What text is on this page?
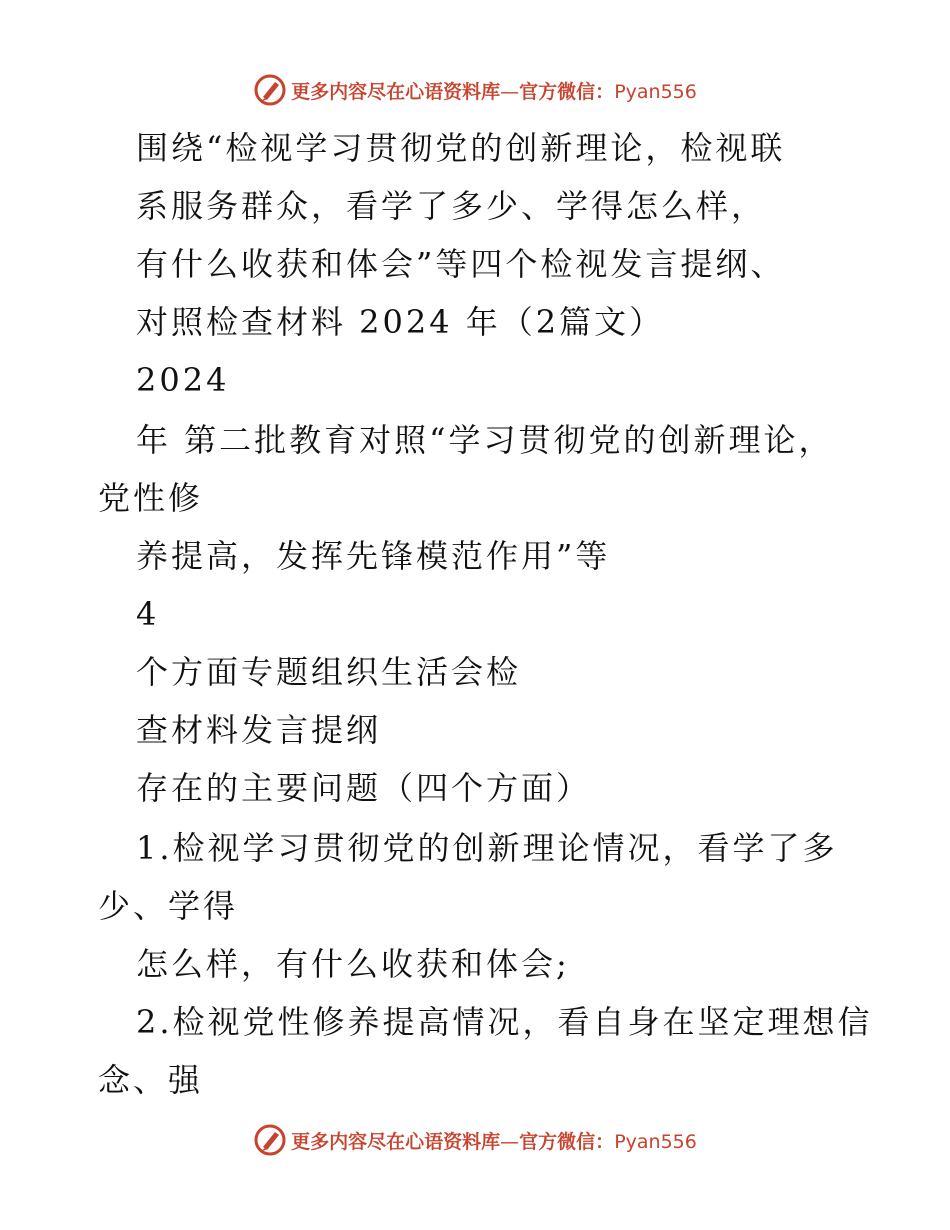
更多内容尽在心语资料库—官方微信：Pyan556
围绕“检视学习贯彻党的创新理论，检视联
系服务群众，看学了多少、学得怎么样，
有什么收获和体会”等四个检视发言提纲、
对照检查材料 2024 年（2篇文）
2024
年 第二批教育对照“学习贯彻党的创新理论，
党性修
养提高，发挥先锋模范作用”等
4
个方面专题组织生活会检
查材料发言提纲
存在的主要问题（四个方面）
1.检视学习贯彻党的创新理论情况，看学了多
少、学得
怎么样，有什么收获和体会;
2.检视党性修养提高情况，看自身在坚定理想信
念、强
更多内容尽在心语资料库—官方微信：Pyan556
